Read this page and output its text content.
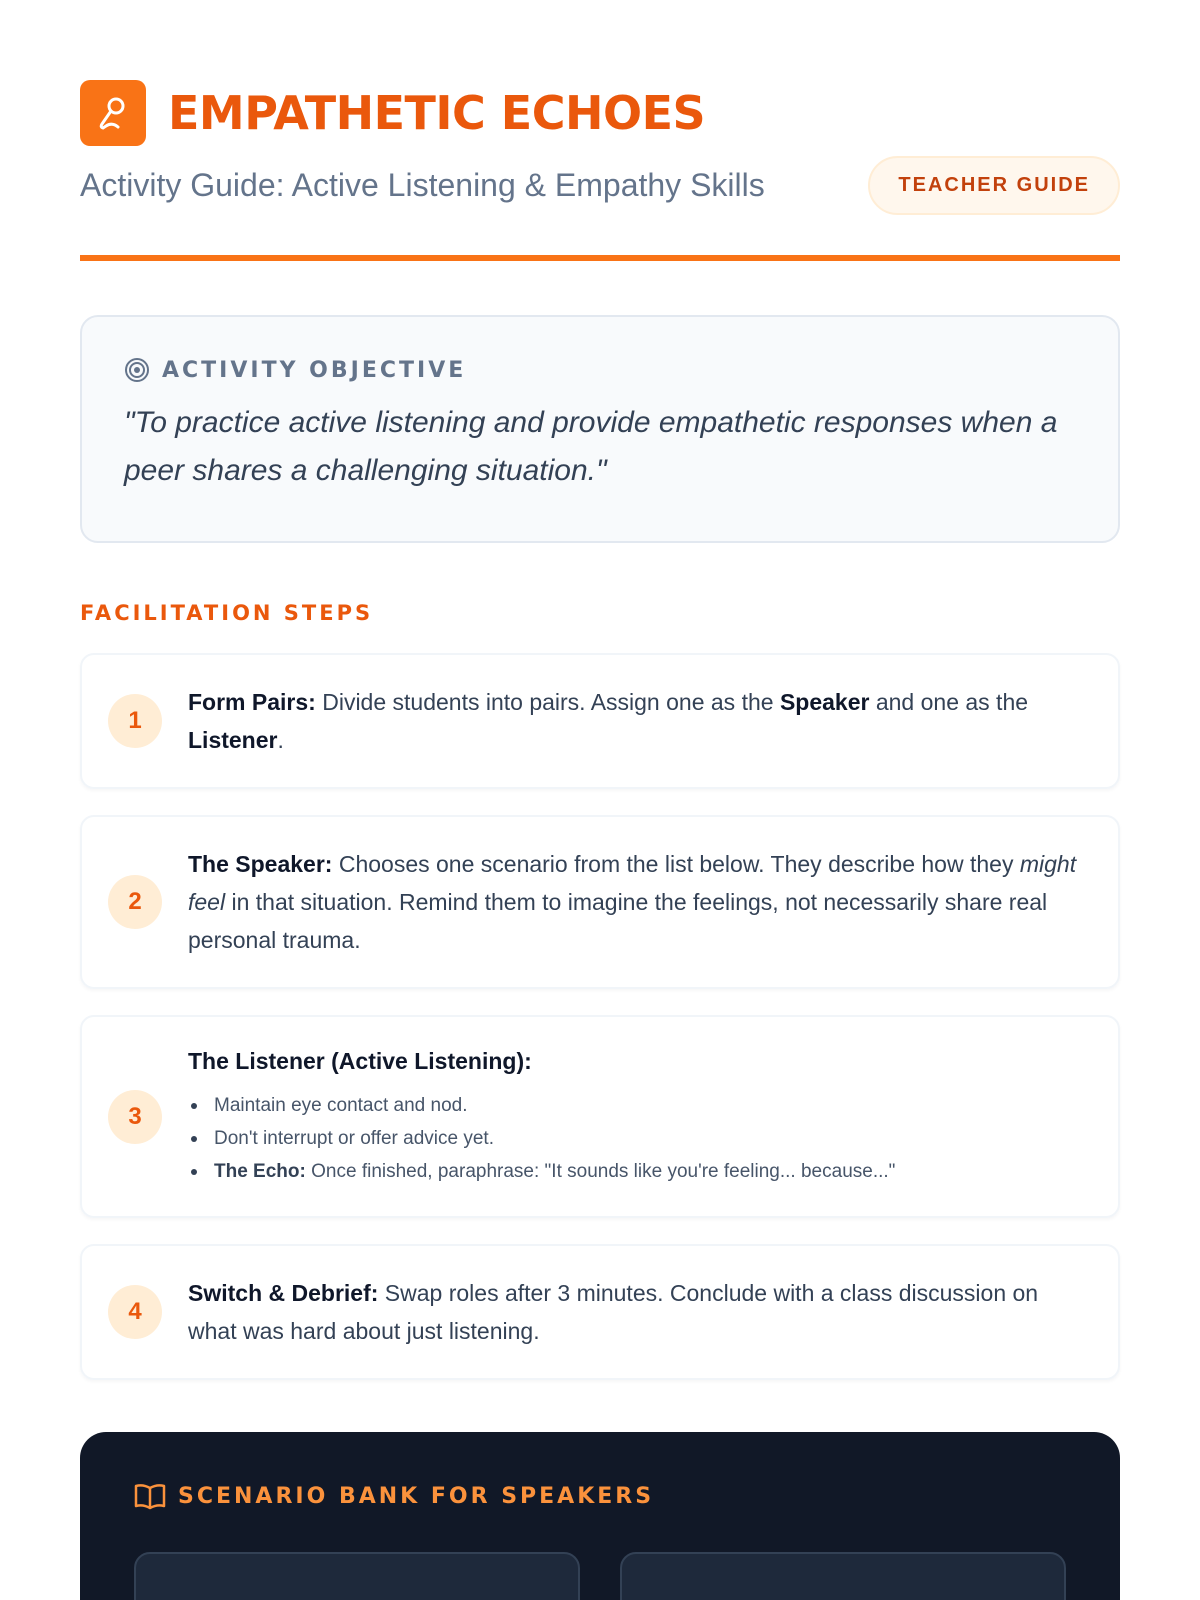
EMPATHETIC ECHOES
Activity Guide: Active Listening & Empathy Skills	TEACHER GUIDE
ACTIVITY OBJECTIVE
"To practice active listening and provide empathetic responses when a peer shares a challenging situation."
FACILITATION STEPS
1
Form Pairs: Divide students into pairs. Assign one as the Speaker and one as the Listener.
2
The Speaker: Chooses one scenario from the list below. They describe how they might feel in that situation. Remind them to imagine the feelings, not necessarily share real personal trauma.
3
The Listener (Active Listening):
Maintain eye contact and nod.
Don't interrupt or offer advice yet.
The Echo: Once finished, paraphrase: "It sounds like you're feeling... because..."
4
Switch & Debrief: Swap roles after 3 minutes. Conclude with a class discussion on what was hard about just listening.
SCENARIO BANK FOR SPEAKERS
